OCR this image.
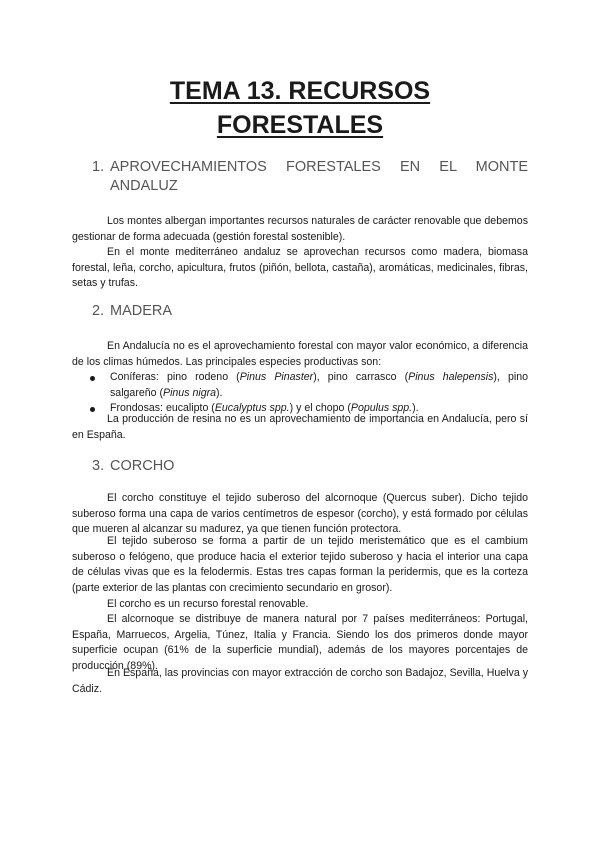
TEMA 13. RECURSOS
FORESTALES
1. APROVECHAMIENTOS FORESTALES EN EL MONTE
ANDALUZ

Los montes albergan importantes recursos naturales de carácter renovable que debemos gestionar de forma adecuada (gestión forestal sostenible).

En el monte mediterráneo andaluz se aprovechan recursos como madera, biomasa forestal, leña, corcho, apicultura, frutos (piñón, bellota, castaña), aromáticas, medicinales, fibras, setas y trufas.

2. MADERA

En Andalucía no es el aprovechamiento forestal con mayor valor económico, a diferencia de los climas húmedos. Las principales especies productivas son:

Coníferas: pino rodeno (Pinus Pinaster), pino carrasco (Pinus halepensis), pino salgareño (Pinus nigra).
Frondosas: eucalipto (Eucalyptus spp.) y el chopo (Populus spp.).

La producción de resina no es un aprovechamiento de importancia en Andalucía, pero sí en España.

3. CORCHO

El corcho constituye el tejido suberoso del alcornoque (Quercus suber). Dicho tejido suberoso forma una capa de varios centímetros de espesor (corcho), y está formado por células que mueren al alcanzar su madurez, ya que tienen función protectora.

El tejido suberoso se forma a partir de un tejido meristemático que es el cambium suberoso o felógeno, que produce hacia el exterior tejido suberoso y hacia el interior una capa de células vivas que es la felodermis. Estas tres capas forman la peridermis, que es la corteza (parte exterior de las plantas con crecimiento secundario en grosor).

El corcho es un recurso forestal renovable.

El alcornoque se distribuye de manera natural por 7 países mediterráneos: Portugal, España, Marruecos, Argelia, Túnez, Italia y Francia. Siendo los dos primeros donde mayor superficie ocupan (61% de la superficie mundial), además de los mayores porcentajes de producción (89%).

En España, las provincias con mayor extracción de corcho son Badajoz, Sevilla, Huelva y Cádiz.
